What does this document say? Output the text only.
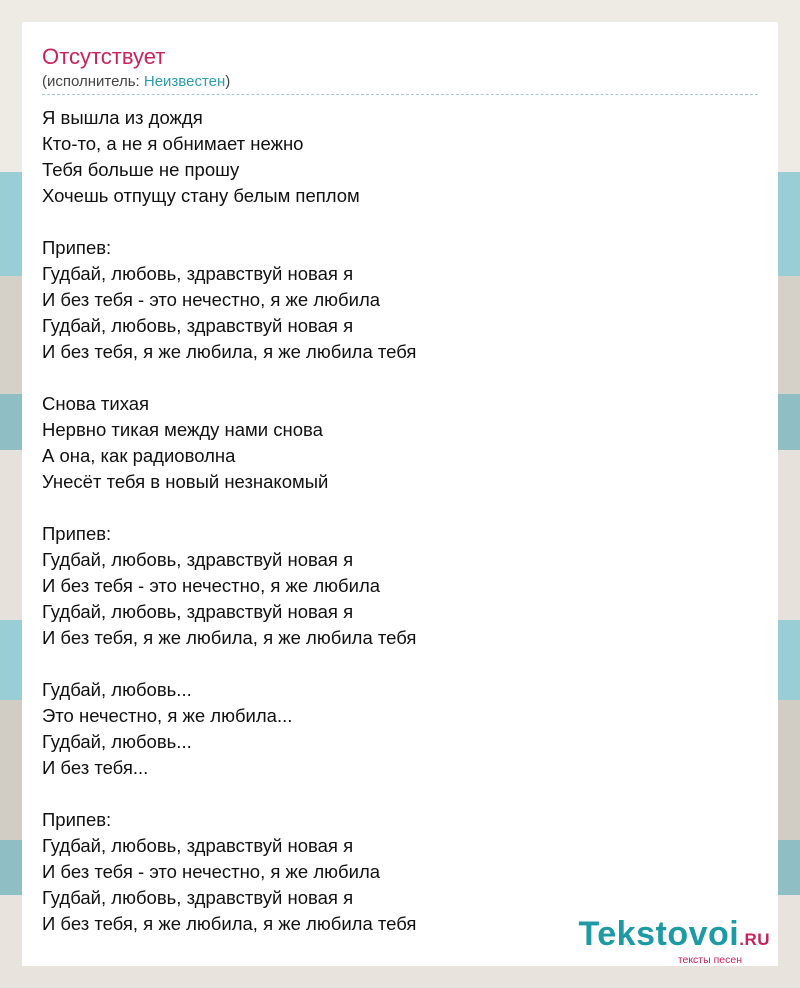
Отсутствует
(исполнитель: Неизвестен)
Я вышла из дождя
Кто-то, а не я обнимает нежно
Тебя больше не прошу
Хочешь отпущу стану белым пеплом
Припев:
Гудбай, любовь, здравствуй новая я
И без тебя - это нечестно, я же любила
Гудбай, любовь, здравствуй новая я
И без тебя, я же любила, я же любила тебя
Снова тихая
Нервно тикая между нами снова
А она, как радиоволна
Унесёт тебя в новый незнакомый
Припев:
Гудбай, любовь, здравствуй новая я
И без тебя - это нечестно, я же любила
Гудбай, любовь, здравствуй новая я
И без тебя, я же любила, я же любила тебя
Гудбай, любовь...
Это нечестно, я же любила...
Гудбай, любовь...
И без тебя...
Припев:
Гудбай, любовь, здравствуй новая я
И без тебя - это нечестно, я же любила
Гудбай, любовь, здравствуй новая я
И без тебя, я же любила, я же любила тебя	Tekstovoi.RU
тексты песен
